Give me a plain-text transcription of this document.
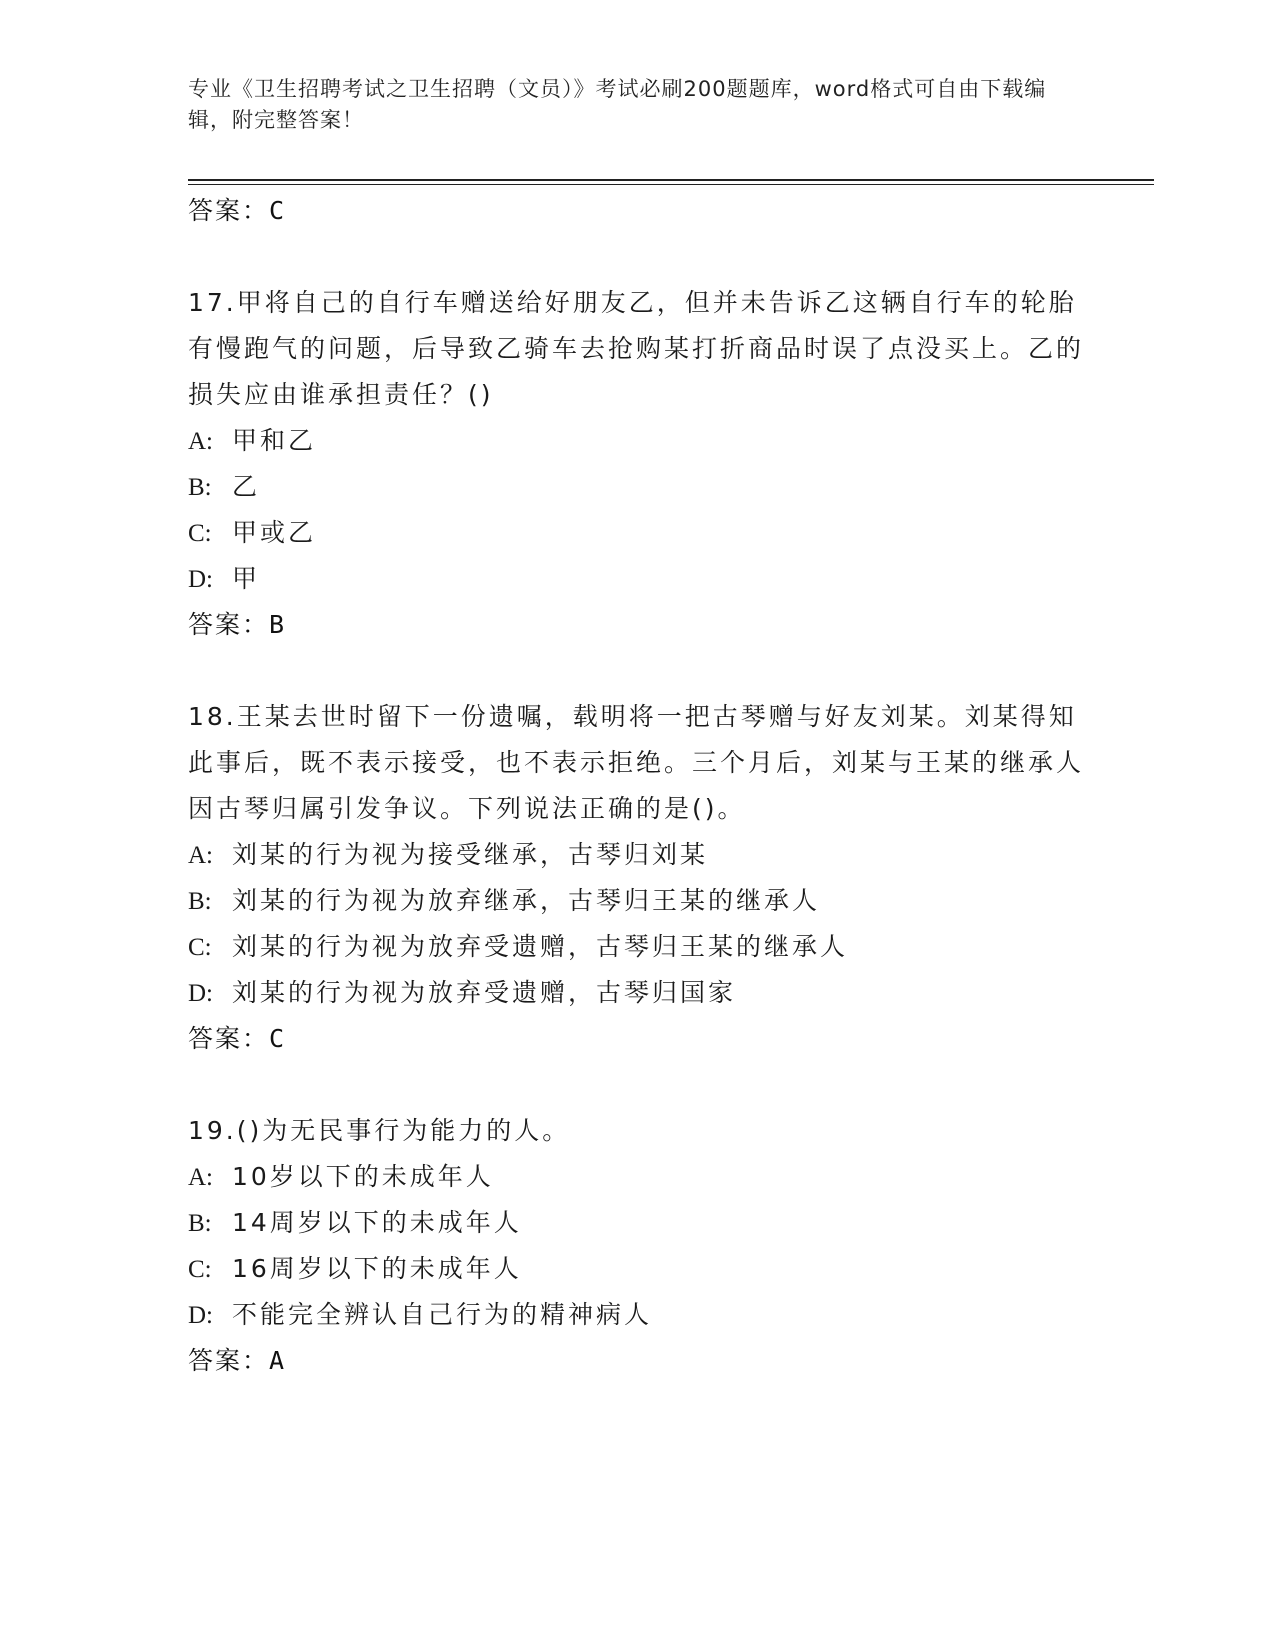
专业《卫生招聘考试之卫生招聘（文员）》考试必刷200题题库，word格式可自由下载编辑，附完整答案！
答案：C
17.甲将自己的自行车赠送给好朋友乙，但并未告诉乙这辆自行车的轮胎有慢跑气的问题，后导致乙骑车去抢购某打折商品时误了点没买上。乙的损失应由谁承担责任？()
A: 甲和乙
B: 乙
C: 甲或乙
D: 甲
答案：B
18.王某去世时留下一份遗嘱，载明将一把古琴赠与好友刘某。刘某得知此事后，既不表示接受，也不表示拒绝。三个月后，刘某与王某的继承人因古琴归属引发争议。下列说法正确的是()。
A: 刘某的行为视为接受继承，古琴归刘某
B: 刘某的行为视为放弃继承，古琴归王某的继承人
C: 刘某的行为视为放弃受遗赠，古琴归王某的继承人
D: 刘某的行为视为放弃受遗赠，古琴归国家
答案：C
19.()为无民事行为能力的人。
A: 10岁以下的未成年人
B: 14周岁以下的未成年人
C: 16周岁以下的未成年人
D: 不能完全辨认自己行为的精神病人
答案：A
